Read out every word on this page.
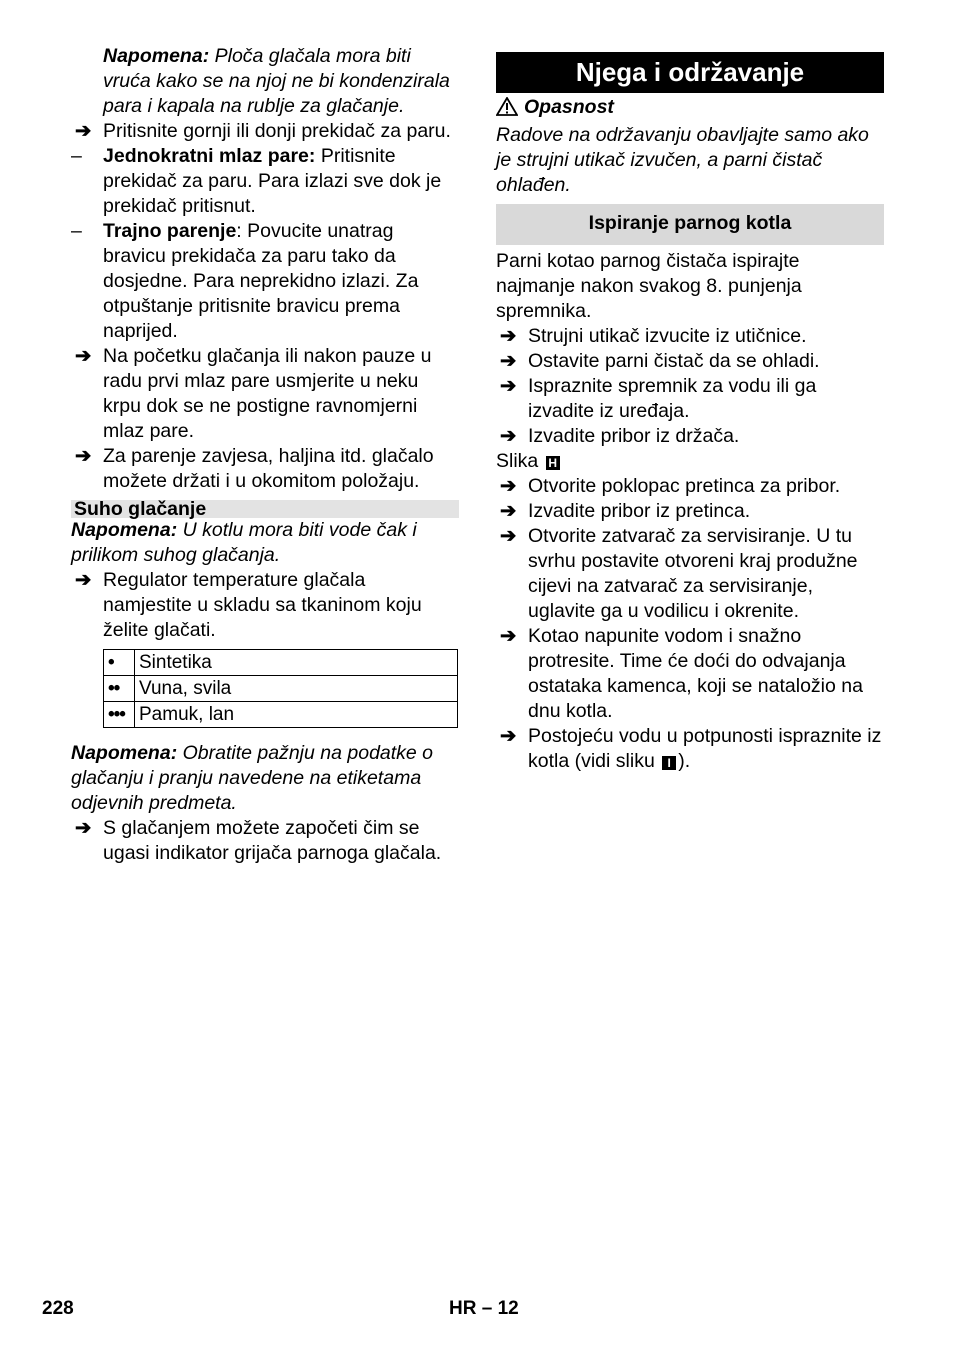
Napomena: Ploča glačala mora biti vruća kako se na njoj ne bi kondenzirala para i kapala na rublje za glačanje.

➔ Pritisnite gornji ili donji prekidač za paru.
– Jednokratni mlaz pare: Pritisnite prekidač za paru. Para izlazi sve dok je prekidač pritisnut.
– Trajno parenje: Povucite unatrag bravicu prekidača za paru tako da dosjedne. Para neprekidno izlazi. Za otpuštanje pritisnite bravicu prema naprijed.
➔ Na početku glačanja ili nakon pauze u radu prvi mlaz pare usmjerite u neku krpu dok se ne postigne ravnomjerni mlaz pare.
➔ Za parenje zavjesa, haljina itd. glačalo možete držati i u okomitom položaju.
Suho glačanje

Napomena: U kotlu mora biti vode čak i prilikom suhog glačanja.

➔ Regulator temperature glačala namjestite u skladu sa tkaninom koju želite glačati.
•	Sintetika
••	Vuna, svila
•••	Pamuk, lan

Napomena: Obratite pažnju na podatke o glačanju i pranju navedene na etiketama odjevnih predmeta.

➔ S glačanjem možete započeti čim se ugasi indikator grijača parnoga glačala.
Njega i održavanje

Opasnost

Radove na održavanju obavljajte samo ako je strujni utikač izvučen, a parni čistač ohlađen.

Ispiranje parnog kotla

Parni kotao parnog čistača ispirajte najmanje nakon svakog 8. punjenja spremnika.

➔ Strujni utikač izvucite iz utičnice.
➔ Ostavite parni čistač da se ohladi.
➔ Ispraznite spremnik za vodu ili ga izvadite iz uređaja.
➔ Izvadite pribor iz držača.

Slika H

➔ Otvorite poklopac pretinca za pribor.
➔ Izvadite pribor iz pretinca.
➔ Otvorite zatvarač za servisiranje. U tu svrhu postavite otvoreni kraj produžne cijevi na zatvarač za servisiranje, uglavite ga u vodilicu i okrenite.
➔ Kotao napunite vodom i snažno protresite. Time će doći do odvajanja ostataka kamenca, koji se nataložio na dnu kotla.
➔ Postojeću vodu u potpunosti ispraznite iz kotla (vidi sliku I ).
228	HR – 12
